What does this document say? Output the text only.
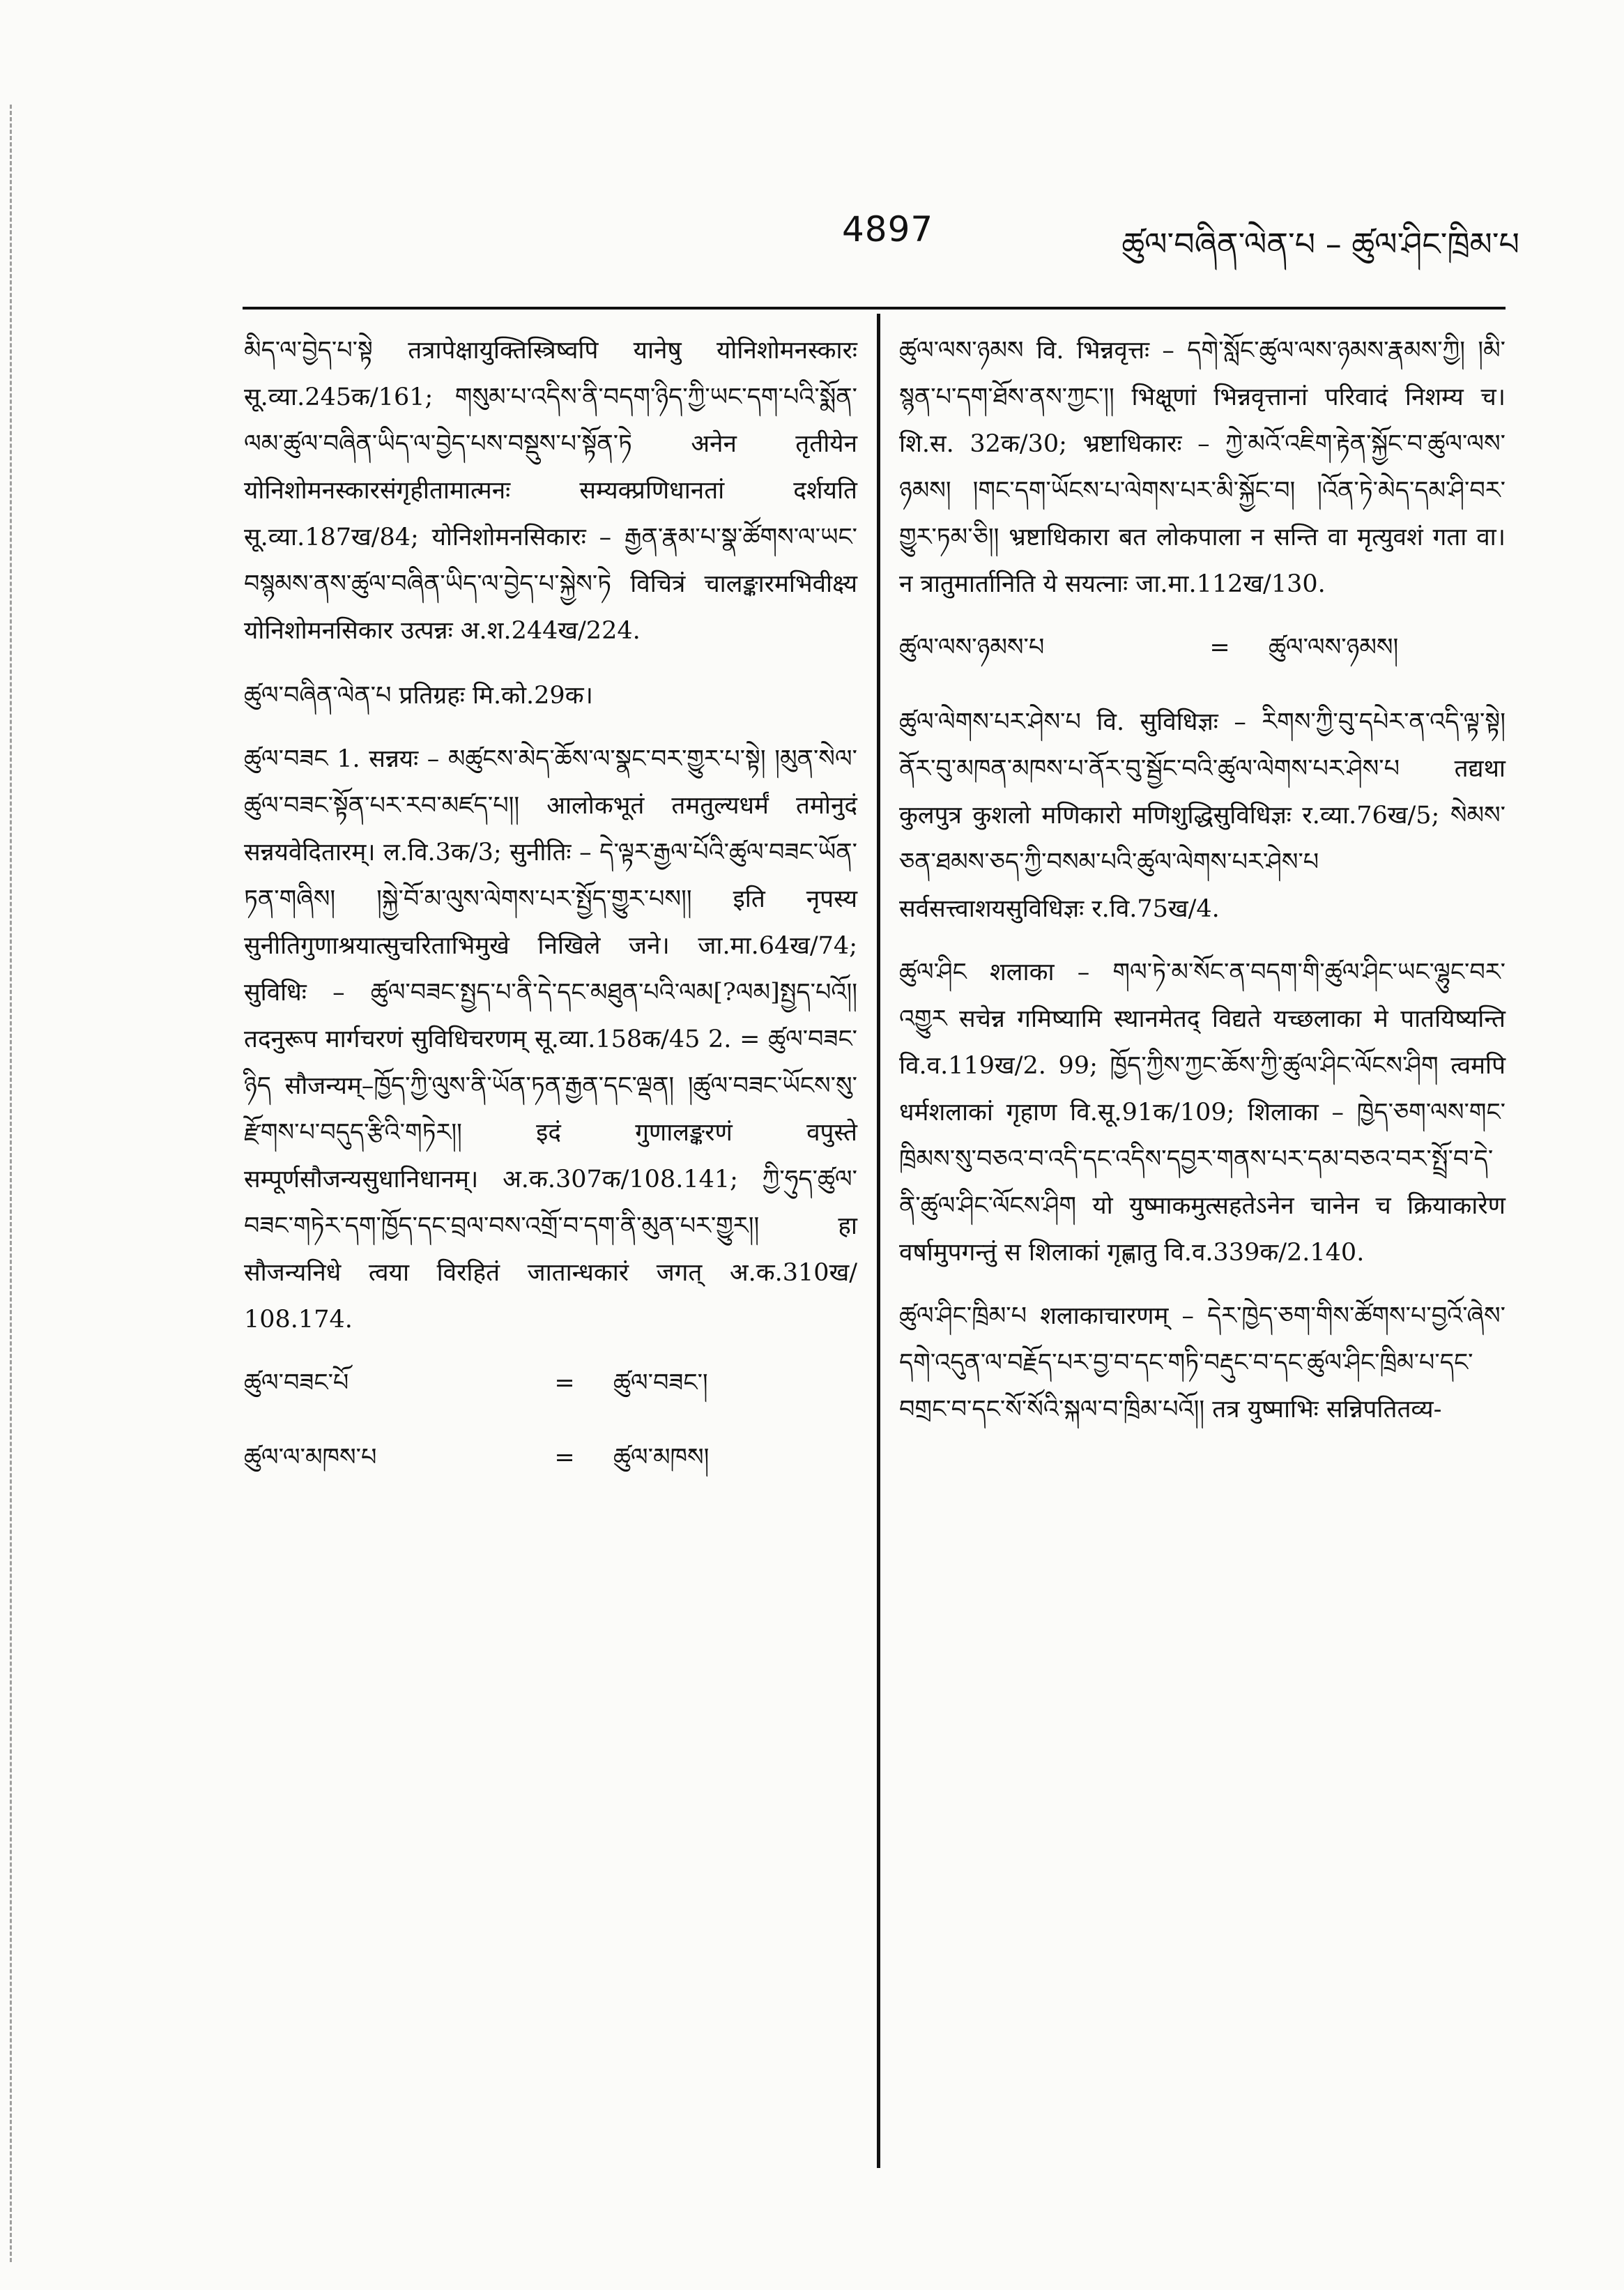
4897	ཚུལ་བཞིན་ལེན་པ – ཚུལ་ཤིང་ཁྲིམ་པ

མིད་ལ་བྱེད་པ་སྟེ तत्रापेक्षायुक्तिस्त्रिष्वपि यानेषु योनिशोमनस्कारः सू.व्या.245क/161; གསུམ་པ་འདིས་ནི་བདག་ཉིད་ཀྱི་ཡང་དག་པའི་སྨོན་ལམ་ཚུལ་བཞིན་ཡིད་ལ་བྱེད་པས་བསྡུས་པ་སྟོན་ཏེ अनेन तृतीयेन योनिशोमनस्कारसंगृहीतामात्मनः सम्यक्प्रणिधानतां दर्शयति सू.व्या.187ख/84; योनिशोमनसिकारः – རྒྱན་རྣམ་པ་སྣ་ཚོགས་ལ་ཡང་བསྙམས་ནས་ཚུལ་བཞིན་ཡིད་ལ་བྱེད་པ་སྐྱེས་ཏེ विचित्रं चालङ्कारमभिवीक्ष्य योनिशोमनसिकार उत्पन्नः अ.श.244ख/224.

ཚུལ་བཞིན་ལེན་པ प्रतिग्रहः मि.को.29क।

ཚུལ་བཟང 1. सन्नयः – མཚུངས་མེད་ཆོས་ལ་སྣང་བར་གྱུར་པ་སྟེ། །མུན་སེལ་ཚུལ་བཟང་སྟོན་པར་རབ་མཛད་པ།། आलोकभूतं तमतुल्यधर्मं तमोनुदं सन्नयवेदितारम्। ल.वि.3क/3; सुनीतिः – དེ་ལྟར་རྒྱལ་པོའི་ཚུལ་བཟང་ཡོན་ཏན་གཞིས། །སྐྱེ་བོ་མ་ལུས་ལེགས་པར་སྤྱོད་གྱུར་པས།། इति नृपस्य सुनीतिगुणाश्रयात्सुचरिताभिमुखे निखिले जने। जा.मा.64ख/74; सुविधिः – ཚུལ་བཟང་སྤྱད་པ་ནི་དེ་དང་མཐུན་པའི་ལམ[?ལམ]སྤྱད་པའོ།། तदनुरूप मार्गचरणं सुविधिचरणम् सू.व्या.158क/45 2. = ཚུལ་བཟང་ཉིད सौजन्यम्–ཁྱོད་ཀྱི་ལུས་ནི་ཡོན་ཏན་རྒྱན་དང་ལྡན། །ཚུལ་བཟང་ཡོངས་སུ་རྫོགས་པ་བདུད་རྩིའི་གཏེར།། इदं गुणालङ्करणं वपुस्ते सम्पूर्णसौजन्यसुधानिधानम्। अ.क.307क/108.141; ཀྱི་ཧུད་ཚུལ་བཟང་གཏེར་དག་ཁྱོད་དང་བྲལ་བས་འགྲོ་བ་དག་ནི་མུན་པར་གྱུར།། हा सौजन्यनिधे त्वया विरहितं जातान्धकारं जगत् अ.क.310ख/ 108.174.

ཚུལ་བཟང་པོ	=	ཚུལ་བཟང་།
ཚུལ་ལ་མཁས་པ	=	ཚུལ་མཁས།

ཚུལ་ལས་ཉམས वि. भिन्नवृत्तः – དགེ་སློང་ཚུལ་ལས་ཉམས་རྣམས་ཀྱི། །མི་སྙན་པ་དག་ཐོས་ནས་ཀྱང་།། भिक्षूणां भिन्नवृत्तानां परिवादं निशम्य च। शि.स. 32क/30; भ्रष्टाधिकारः – ཀྱེ་མའོ་འཇིག་རྟེན་སྐྱོང་བ་ཚུལ་ལས་ཉམས། །གང་དག་ཡོངས་པ་ལེགས་པར་མི་སྐྱོང་བ། །འོན་ཏེ་མེད་དམ་ཤི་བར་གྱུར་ཏམ་ཅི།། भ्रष्टाधिकारा बत लोकपाला न सन्ति वा मृत्युवशं गता वा। न त्रातुमार्तानिति ये सयत्नाः जा.मा.112ख/130.

ཚུལ་ལས་ཉམས་པ	=	ཚུལ་ལས་ཉམས།

ཚུལ་ལེགས་པར་ཤེས་པ वि. सुविधिज्ञः – རིགས་ཀྱི་བུ་དཔེར་ན་འདི་ལྟ་སྟེ། ནོར་བུ་མཁན་མཁས་པ་ནོར་བུ་སྦྱོང་བའི་ཚུལ་ལེགས་པར་ཤེས་པ तद्यथा कुलपुत्र कुशलो मणिकारो मणिशुद्धिसुविधिज्ञः र.व्या.76ख/5; སེམས་ཅན་ཐམས་ཅད་ཀྱི་བསམ་པའི་ཚུལ་ལེགས་པར་ཤེས་པ सर्वसत्त्वाशयसुविधिज्ञः र.वि.75ख/4.

ཚུལ་ཤིང शलाका – གལ་ཏེ་མ་སོང་ན་བདག་གི་ཚུལ་ཤིང་ཡང་ལྷུང་བར་འགྱུར सचेन्न गमिष्यामि स्थानमेतद् विद्यते यच्छलाका मे पातयिष्यन्ति वि.व.119ख/2. 99; ཁྱོད་ཀྱིས་ཀྱང་ཆོས་ཀྱི་ཚུལ་ཤིང་ལོངས་ཤིག त्वमपि धर्मशलाकां गृहाण वि.सू.91क/109; शिलाका – ཁྱེད་ཅག་ལས་གང་ཁྲིམས་སུ་བཅའ་བ་འདི་དང་འདིས་དབྱར་གནས་པར་དམ་བཅའ་བར་སྤྲོ་བ་དེ་ནི་ཚུལ་ཤིང་ལོངས་ཤིག यो युष्माकमुत्सहतेऽनेन चानेन च क्रियाकारेण वर्षामुपगन्तुं स शिलाकां गृह्णातु वि.व.339क/2.140.

ཚུལ་ཤིང་ཁྲིམ་པ शलाकाचारणम् – དེར་ཁྱེད་ཅག་གིས་ཚོགས་པ་བྱའོ་ཞེས་དགེ་འདུན་ལ་བརྗོད་པར་བྱ་བ་དང་གཏི་བརྡུང་བ་དང་ཚུལ་ཤིང་ཁྲིམ་པ་དང་བགྲང་བ་དང་སོ་སོའི་སྐལ་བ་ཁྲིམ་པའོ།། तत्र युष्माभिः सन्निपतितव्य-
